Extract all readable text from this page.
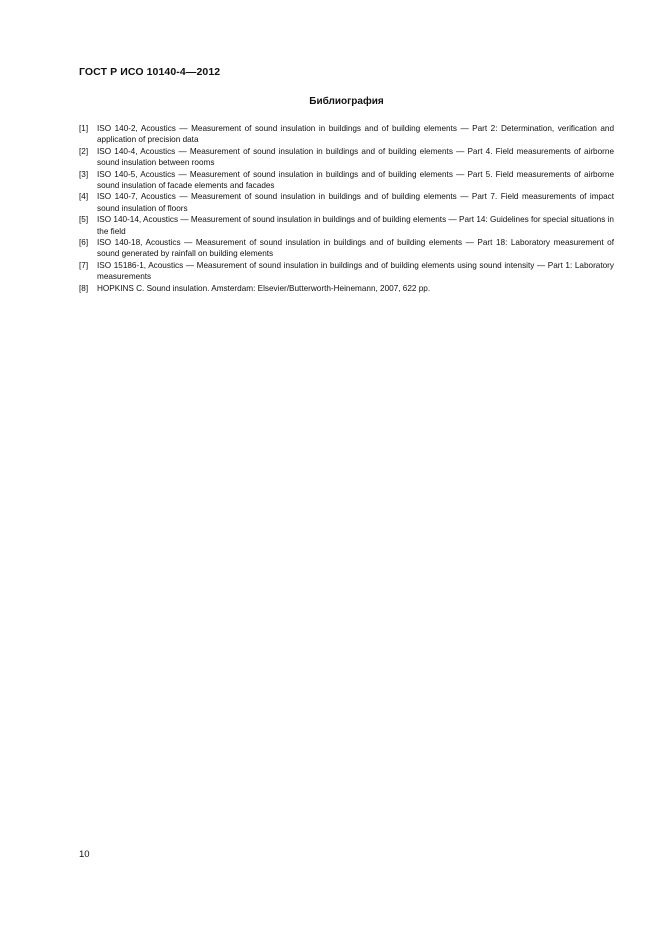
ГОСТ Р ИСО 10140-4—2012
Библиография
[1]	ISO 140-2, Acoustics — Measurement of sound insulation in buildings and of building elements — Part 2: Determination, verification and application of precision data
[2]	ISO 140-4, Acoustics — Measurement of sound insulation in buildings and of building elements — Part 4. Field measurements of airborne sound insulation between rooms
[3]	ISO 140-5, Acoustics — Measurement of sound insulation in buildings and of building elements — Part 5. Field measurements of airborne sound insulation of facade elements and facades
[4]	ISO 140-7, Acoustics — Measurement of sound insulation in buildings and of building elements — Part 7. Field measurements of impact sound insulation of floors
[5]	ISO 140-14, Acoustics — Measurement of sound insulation in buildings and of building elements — Part 14: Guidelines for special situations in the field
[6]	ISO 140-18, Acoustics — Measurement of sound insulation in buildings and of building elements — Part 18: Laboratory measurement of sound generated by rainfall on building elements
[7]	ISO 15186-1, Acoustics — Measurement of sound insulation in buildings and of building elements using sound intensity — Part 1: Laboratory measurements
[8]	HOPKINS C. Sound insulation. Amsterdam: Elsevier/Butterworth-Heinemann, 2007, 622 pp.
10
